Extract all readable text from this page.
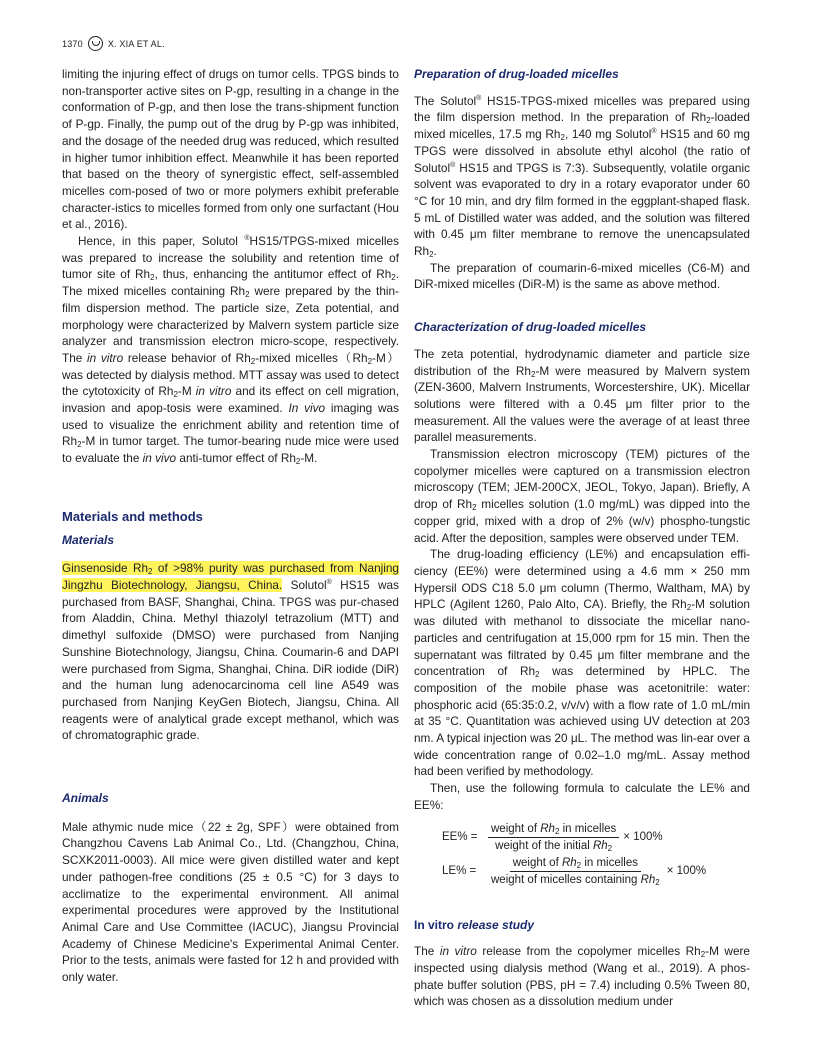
1370	X. XIA ET AL.

limiting the injuring effect of drugs on tumor cells. TPGS binds to non-transporter active sites on P-gp, resulting in a change in the conformation of P-gp, and then lose the trans-shipment function of P-gp. Finally, the pump out of the drug by P-gp was inhibited, and the dosage of the needed drug was reduced, which resulted in higher tumor inhibition effect. Meanwhile it has been reported that based on the theory of synergistic effect, self-assembled micelles com-posed of two or more polymers exhibit preferable character-istics to micelles formed from only one surfactant (Hou et al., 2016).

Hence, in this paper, Solutol ®HS15/TPGS-mixed micelles was prepared to increase the solubility and retention time of tumor site of $Rh_2$, thus, enhancing the antitumor effect of $Rh_2$. The mixed micelles containing $Rh_2$ were prepared by the thin-film dispersion method. The particle size, Zeta potential, and morphology were characterized by Malvern system particle size analyzer and transmission electron micro-scope, respectively. The in vitro release behavior of $Rh_2$-mixed $micelles(Rh_2-M)$ was detected by dialysis method. MTT assay was used to detect the cytotoxicity of $Rh_2-M$ in vitro and its effect on cell migration, invasion and apop-tosis were examined. In vivo imaging was used to visualize the enrichment ability and retention time of $Rh_2-M$ in tumor target. The tumor-bearing nude mice were used to evaluate the in vivo anti-tumor effect of $Rh_2-M$.

Materials and methods
Materials

Ginsenoside $Rh_2$ of >98% purity was purchased from Nanjing Jingzhu Biotechnology, Jiangsu, China. Solutol® HS15 was purchased from BASF, Shanghai, China. TPGS was pur-chased from Aladdin, China. Methyl thiazolyl tetrazolium (MTT) and dimethyl sulfoxide (DMSO) were purchased from Nanjing Sunshine Biotechnology, Jiangsu, China. Coumarin-6 and DAPI were purchased from Sigma, Shanghai, China. DiR iodide (DiR) and the human lung adenocarcinoma cell line A549 was purchased from Nanjing KeyGen Biotech, Jiangsu, China. All reagents were of analytical grade except methanol, which was of chromatographic grade.

Animals

Male athymic nude mice（22 ± 2g, SPF）were obtained from Changzhou Cavens Lab Animal Co., Ltd. (Changzhou, China, SCXK2011-0003). All mice were given distilled water and kept under pathogen-free conditions (25 ± 0.5 °C) for 3 days to acclimatize to the experimental environment. All animal experimental procedures were approved by the Institutional Animal Care and Use Committee (IACUC), Jiangsu Provincial Academy of Chinese Medicine's Experimental Animal Center. Prior to the tests, animals were fasted for 12 h and provided with only water.

Preparation of drug-loaded micelles

The Solutol® HS15-TPGS-mixed micelles was prepared using the film dispersion method. In the preparation of $Rh_2$-loaded mixed micelles, 17.5 mg $Rh_2$, 140 mg Solutol® HS15 and 60 mg TPGS were dissolved in absolute ethyl alcohol (the ratio of Solutol® HS15 and TPGS is 7:3). Subsequently, volatile organic solvent was evaporated to dry in a rotary evaporator under 60 °C for 10 min, and dry film formed in the eggplant-shaped flask. 5 mL of Distilled water was added, and the solution was filtered with 0.45 μm filter membrane to remove the unencapsulated $Rh_2$.

The preparation of coumarin-6-mixed micelles (C6-M) and DiR-mixed micelles (DiR-M) is the same as above method.

Characterization of drug-loaded micelles

The zeta potential, hydrodynamic diameter and particle size distribution of the $Rh_2-M$ were measured by Malvern system (ZEN-3600, Malvern Instruments, Worcestershire, UK). Micellar solutions were filtered with a 0.45 μm filter prior to the measurement. All the values were the average of at least three parallel measurements.

Transmission electron microscopy (TEM) pictures of the copolymer micelles were captured on a transmission electron microscopy (TEM; JEM-200CX, JEOL, Tokyo, Japan). Briefly, A drop of $Rh_2$ micelles solution (1.0 mg/mL) was dipped into the copper grid, mixed with a drop of 2% (w/v) phospho-tungstic acid. After the deposition, samples were observed under TEM.

The drug-loading efficiency (LE%) and encapsulation effi-ciency (EE%) were determined using a 4.6 mm × 250 mm Hypersil ODS C18 5.0 μm column (Thermo, Waltham, MA) by HPLC (Agilent 1260, Palo Alto, CA). Briefly, the $Rh_2-M$ solution was diluted with methanol to dissociate the micellar nano-particles and centrifugation at 15,000 rpm for 15 min. Then the supernatant was filtrated by 0.45 μm filter membrane and the concentration of $Rh_2$ was determined by HPLC. The composition of the mobile phase was acetonitrile: water: phosphoric acid (65:35:0.2, v/v/v) with a flow rate of 1.0 mL/min at 35 °C. Quantitation was achieved using UV detection at 203 nm. A typical injection was 20 μL. The method was lin-ear over a wide concentration range of 0.02–1.0 mg/mL. Assay method had been verified by methodology.

Then, use the following formula to calculate the LE% and EE%:

$EE\% = \frac{weight of Rh_2 in micelles}{weight of the initial Rh_2} \times 100\%$
LE% =	$\frac{weight of Rh_2 in micelles}{weight of micelles containing Rh_2} \times 100\%$
In vitro release study

The in vitro release from the copolymer micelles $Rh_2-M$ were inspected using dialysis method (Wang et al., 2019). A phos-phate buffer solution (PBS, pH = 7.4) including 0.5% Tween 80, which was chosen as a dissolution medium under
